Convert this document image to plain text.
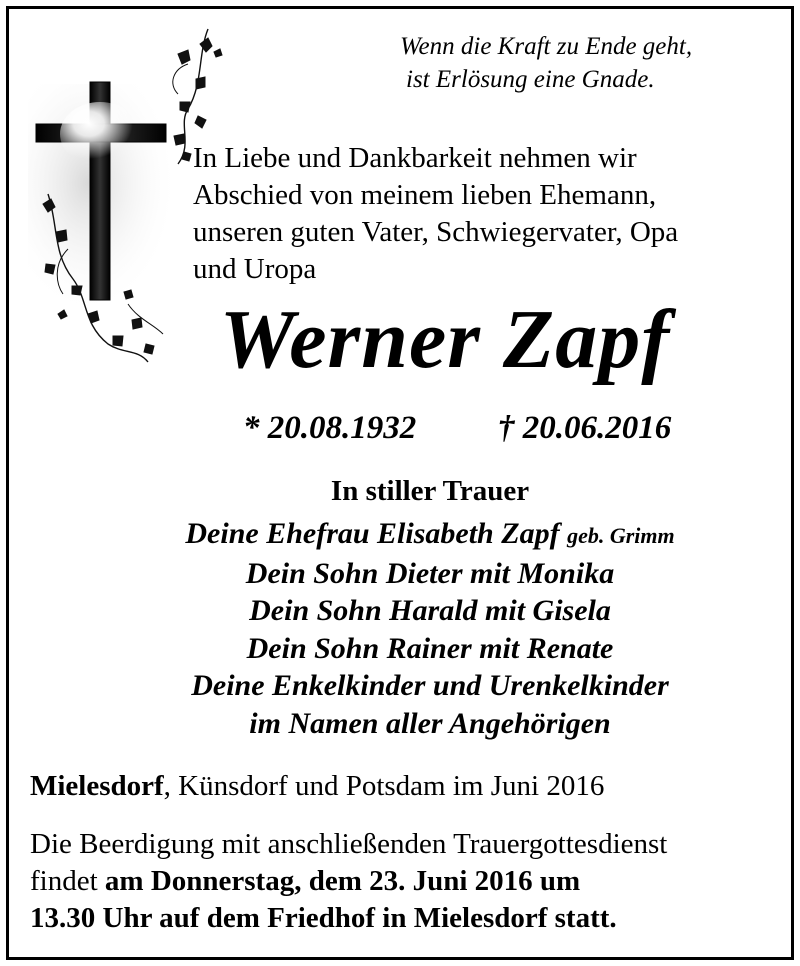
Wenn die Kraft zu Ende geht,
ist Erlösung eine Gnade.
In Liebe und Dankbarkeit nehmen wir
Abschied von meinem lieben Ehemann,
unseren guten Vater, Schwiegervater, Opa
und Uropa
Werner Zapf
* 20.08.1932 † 20.06.2016
In stiller Trauer
Deine Ehefrau Elisabeth Zapf geb. Grimm
Dein Sohn Dieter mit Monika
Dein Sohn Harald mit Gisela
Dein Sohn Rainer mit Renate
Deine Enkelkinder und Urenkelkinder
im Namen aller Angehörigen
Mielesdorf, Künsdorf und Potsdam im Juni 2016
Die Beerdigung mit anschließenden Trauergottesdienst
findet am Donnerstag, dem 23. Juni 2016 um
13.30 Uhr auf dem Friedhof in Mielesdorf statt.
